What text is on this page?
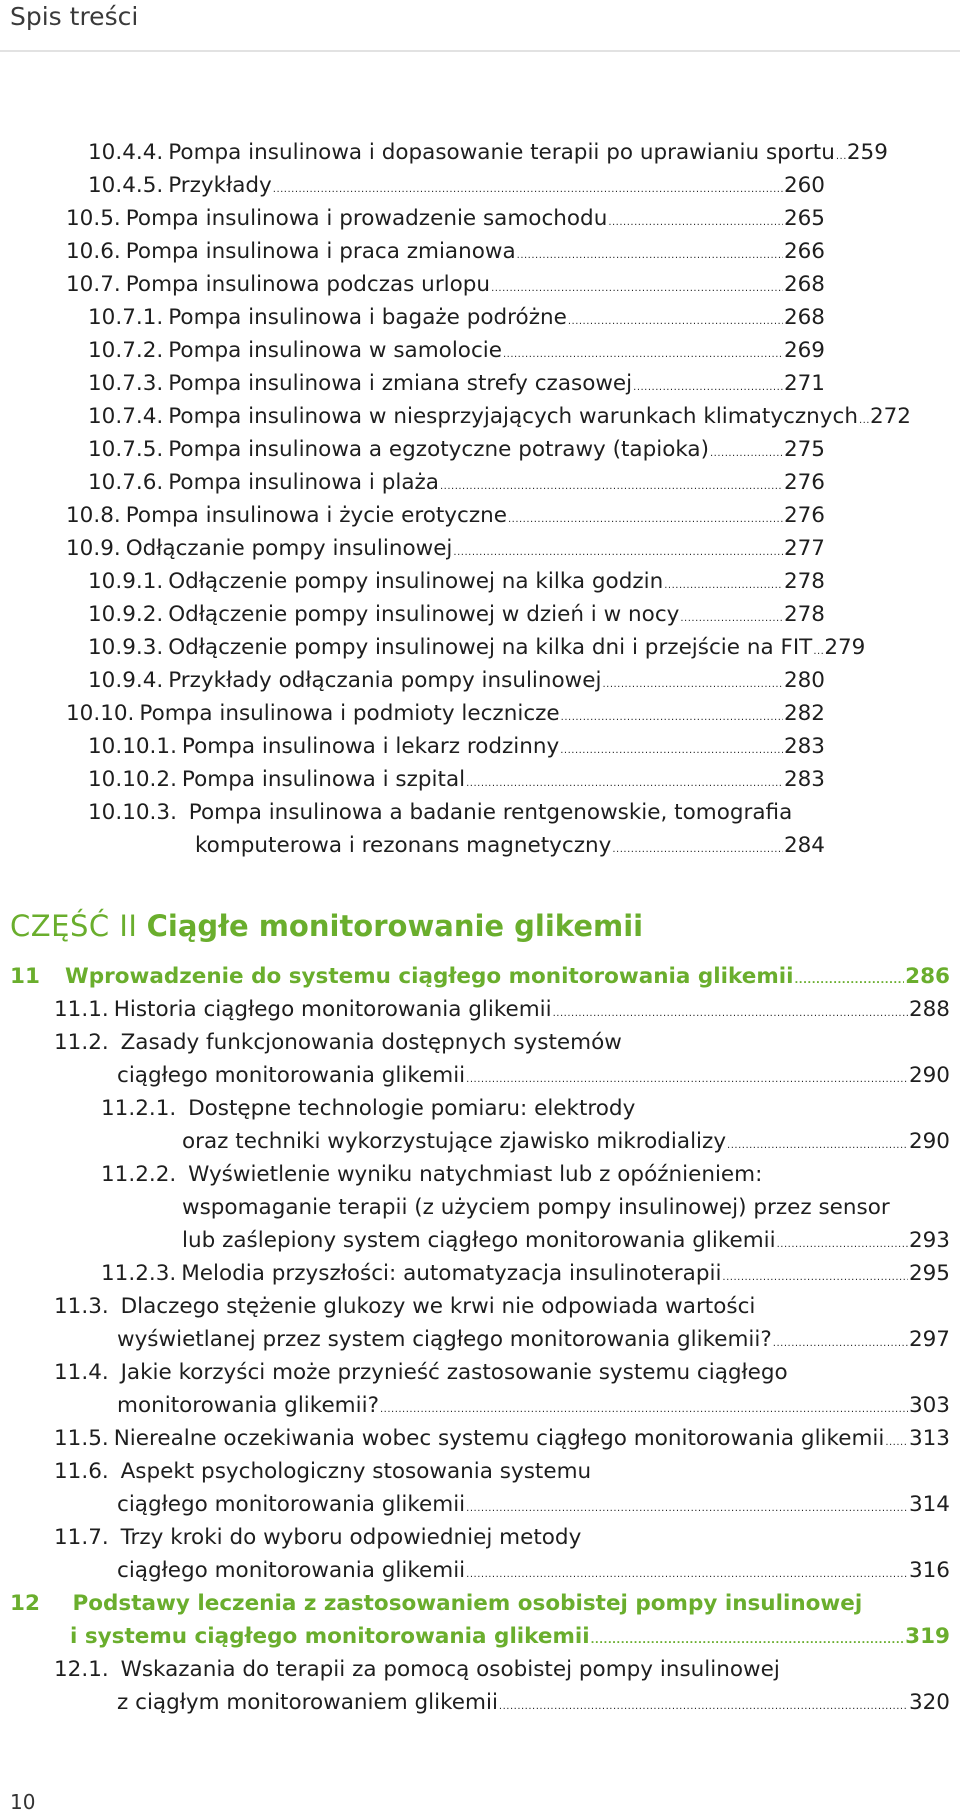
Spis treści
10.4.4. Pompa insulinowa i dopasowanie terapii po uprawianiu sportu ..... 259
10.4.5. Przykłady .....	260
10.5. Pompa insulinowa i prowadzenie samochodu .....	265
10.6. Pompa insulinowa i praca zmianowa .....	266
10.7. Pompa insulinowa podczas urlopu .....	268
10.7.1. Pompa insulinowa i bagaże podróżne .....	268
10.7.2. Pompa insulinowa w samolocie .....	269
10.7.3. Pompa insulinowa i zmiana strefy czasowej .....	271
10.7.4. Pompa insulinowa w niesprzyjających warunkach klimatycznych ..... 272
10.7.5. Pompa insulinowa a egzotyczne potrawy (tapioka) .....	275
10.7.6. Pompa insulinowa i plaża .....	276
10.8. Pompa insulinowa i życie erotyczne .....	276
10.9. Odłączanie pompy insulinowej .....	277
10.9.1. Odłączenie pompy insulinowej na kilka godzin .....	278
10.9.2. Odłączenie pompy insulinowej w dzień i w nocy .....	278
10.9.3. Odłączenie pompy insulinowej na kilka dni i przejście na FIT ..... 279
10.9.4. Przykłady odłączania pompy insulinowej .....	280
10.10. Pompa insulinowa i podmioty lecznicze .....	282
10.10.1. Pompa insulinowa i lekarz rodzinny .....	283
10.10.2. Pompa insulinowa i szpital .....	283
10.10.3. Pompa insulinowa a badanie rentgenowskie, tomografia
komputerowa i rezonans magnetyczny .....	284
CZĘŚĆ II Ciągłe monitorowanie glikemii
11	Wprowadzenie do systemu ciągłego monitorowania glikemii .....	286
11.1. Historia ciągłego monitorowania glikemii .....	288
11.2. Zasady funkcjonowania dostępnych systemów
ciągłego monitorowania glikemii .....	290
11.2.1. Dostępne technologie pomiaru: elektrody
oraz techniki wykorzystujące zjawisko mikrodializy .....	290
11.2.2. Wyświetlenie wyniku natychmiast lub z opóźnieniem:
wspomaganie terapii (z użyciem pompy insulinowej) przez sensor
lub zaślepiony system ciągłego monitorowania glikemii .....	293
11.2.3. Melodia przyszłości: automatyzacja insulinoterapii .....	295
11.3. Dlaczego stężenie glukozy we krwi nie odpowiada wartości
wyświetlanej przez system ciągłego monitorowania glikemii? .....	297
11.4. Jakie korzyści może przynieść zastosowanie systemu ciągłego
monitorowania glikemii? .....	303
11.5. Nierealne oczekiwania wobec systemu ciągłego monitorowania glikemii ..... 313
11.6. Aspekt psychologiczny stosowania systemu
ciągłego monitorowania glikemii .....	314
11.7. Trzy kroki do wyboru odpowiedniej metody
ciągłego monitorowania glikemii .....	316
12 Podstawy leczenia z zastosowaniem osobistej pompy insulinowej
i systemu ciągłego monitorowania glikemii .....	319
12.1. Wskazania do terapii za pomocą osobistej pompy insulinowej
z ciągłym monitorowaniem glikemii .....	320
10
